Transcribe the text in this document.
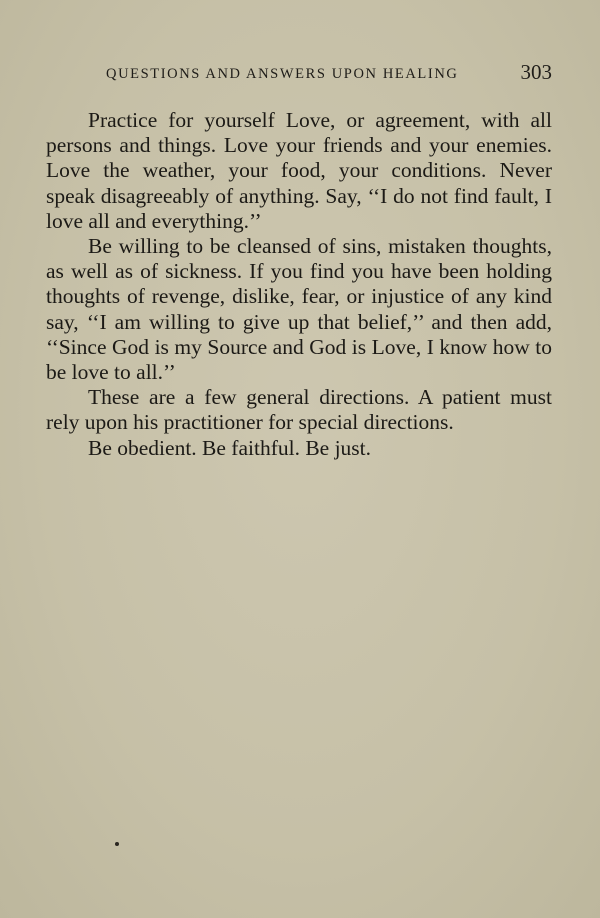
QUESTIONS AND ANSWERS UPON HEALING	303

Practice for yourself Love, or agreement, with all persons and things. Love your friends and your enemies. Love the weather, your food, your conditions. Never speak disagreeably of anything. Say, ‘‘I do not find fault, I love all and everything.’’

Be willing to be cleansed of sins, mistaken thoughts, as well as of sickness. If you find you have been holding thoughts of revenge, dislike, fear, or injustice of any kind say, ‘‘I am willing to give up that belief,’’ and then add, ‘‘Since God is my Source and God is Love, I know how to be love to all.’’

These are a few general directions. A patient must rely upon his practitioner for special directions.

Be obedient. Be faithful. Be just.
